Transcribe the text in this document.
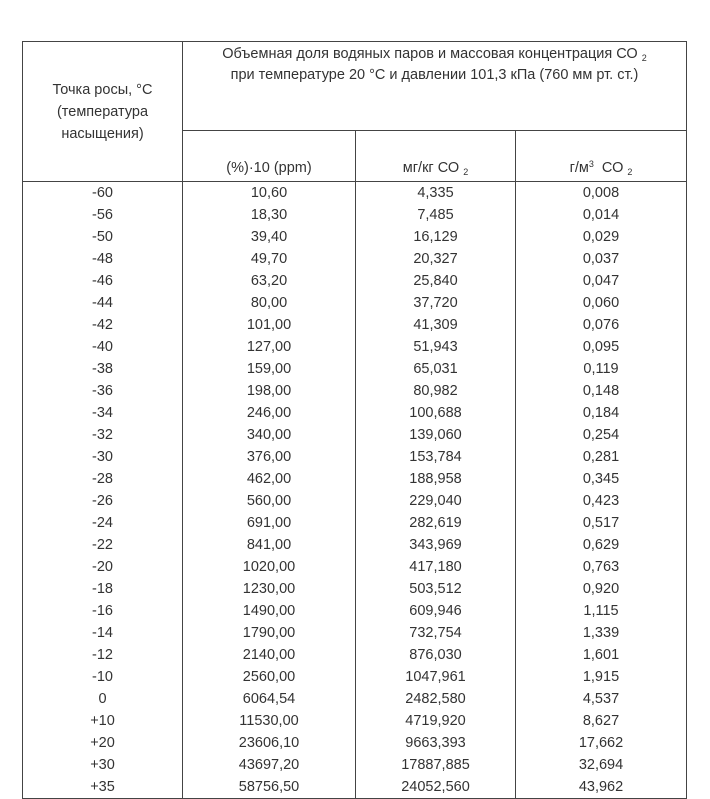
Точка росы, °С (температура насыщения)	Объемная доля водяных паров и массовая концентрация СО $_2$
при температуре 20 °С и давлении 101,3 кПа (760 мм рт. ст.)		
	(%)·10 (ppm)	мг/кг СО $_2$	$г/м^3$  СО $_2$
-60	10,60	4,335	0,008
-56	18,30	7,485	0,014
-50	39,40	16,129	0,029
-48	49,70	20,327	0,037
-46	63,20	25,840	0,047
-44	80,00	37,720	0,060
-42	101,00	41,309	0,076
-40	127,00	51,943	0,095
-38	159,00	65,031	0,119
-36	198,00	80,982	0,148
-34	246,00	100,688	0,184
-32	340,00	139,060	0,254
-30	376,00	153,784	0,281
-28	462,00	188,958	0,345
-26	560,00	229,040	0,423
-24	691,00	282,619	0,517
-22	841,00	343,969	0,629
-20	1020,00	417,180	0,763
-18	1230,00	503,512	0,920
-16	1490,00	609,946	1,115
-14	1790,00	732,754	1,339
-12	2140,00	876,030	1,601
-10	2560,00	1047,961	1,915
0	6064,54	2482,580	4,537
+10	11530,00	4719,920	8,627
+20	23606,10	9663,393	17,662
+30	43697,20	17887,885	32,694
+35	58756,50	24052,560	43,962
